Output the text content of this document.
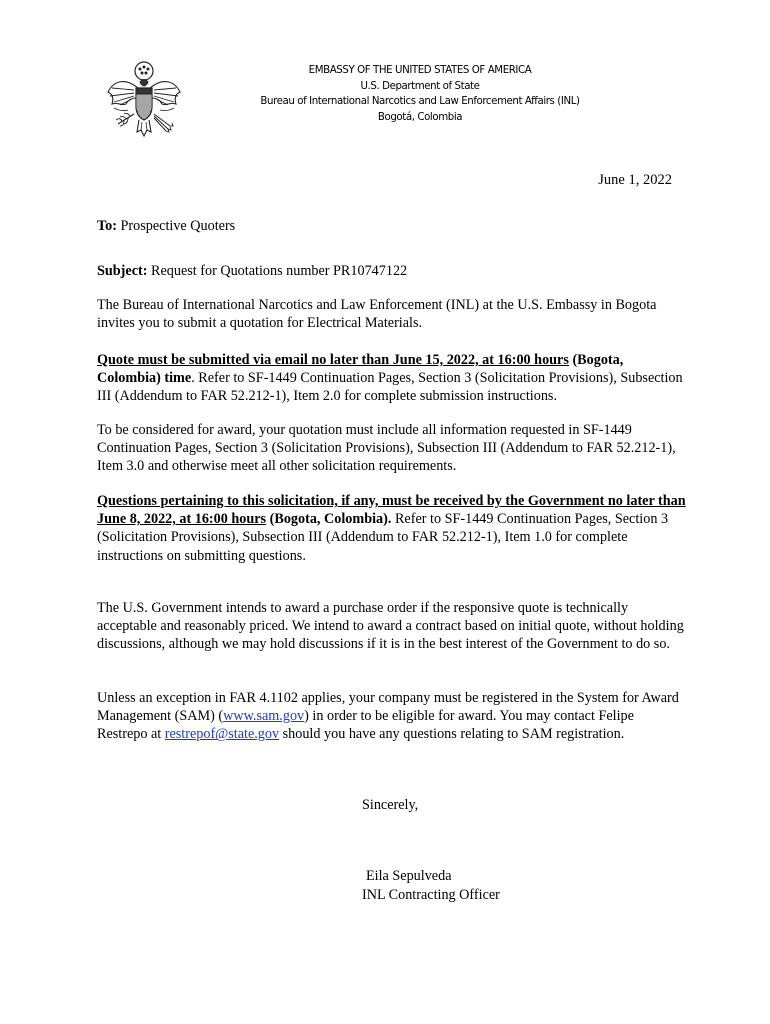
EMBASSY OF THE UNITED STATES OF AMERICA
U.S. Department of State
Bureau of International Narcotics and Law Enforcement Affairs (INL)
Bogotá, Colombia
June 1, 2022
To: Prospective Quoters
Subject: Request for Quotations number PR10747122
The Bureau of International Narcotics and Law Enforcement (INL) at the U.S. Embassy in Bogota invites you to submit a quotation for Electrical Materials.
Quote must be submitted via email no later than June 15, 2022, at 16:00 hours (Bogota, Colombia) time. Refer to SF-1449 Continuation Pages, Section 3 (Solicitation Provisions), Subsection III (Addendum to FAR 52.212-1), Item 2.0 for complete submission instructions.
To be considered for award, your quotation must include all information requested in SF-1449 Continuation Pages, Section 3 (Solicitation Provisions), Subsection III (Addendum to FAR 52.212-1), Item 3.0 and otherwise meet all other solicitation requirements.
Questions pertaining to this solicitation, if any, must be received by the Government no later than June 8, 2022, at 16:00 hours (Bogota, Colombia). Refer to SF-1449 Continuation Pages, Section 3 (Solicitation Provisions), Subsection III (Addendum to FAR 52.212-1), Item 1.0 for complete instructions on submitting questions.
The U.S. Government intends to award a purchase order if the responsive quote is technically acceptable and reasonably priced. We intend to award a contract based on initial quote, without holding discussions, although we may hold discussions if it is in the best interest of the Government to do so.
Unless an exception in FAR 4.1102 applies, your company must be registered in the System for Award Management (SAM) (www.sam.gov) in order to be eligible for award. You may contact Felipe Restrepo at restrepof@state.gov should you have any questions relating to SAM registration.
Sincerely,
Eila Sepulveda
INL Contracting Officer
